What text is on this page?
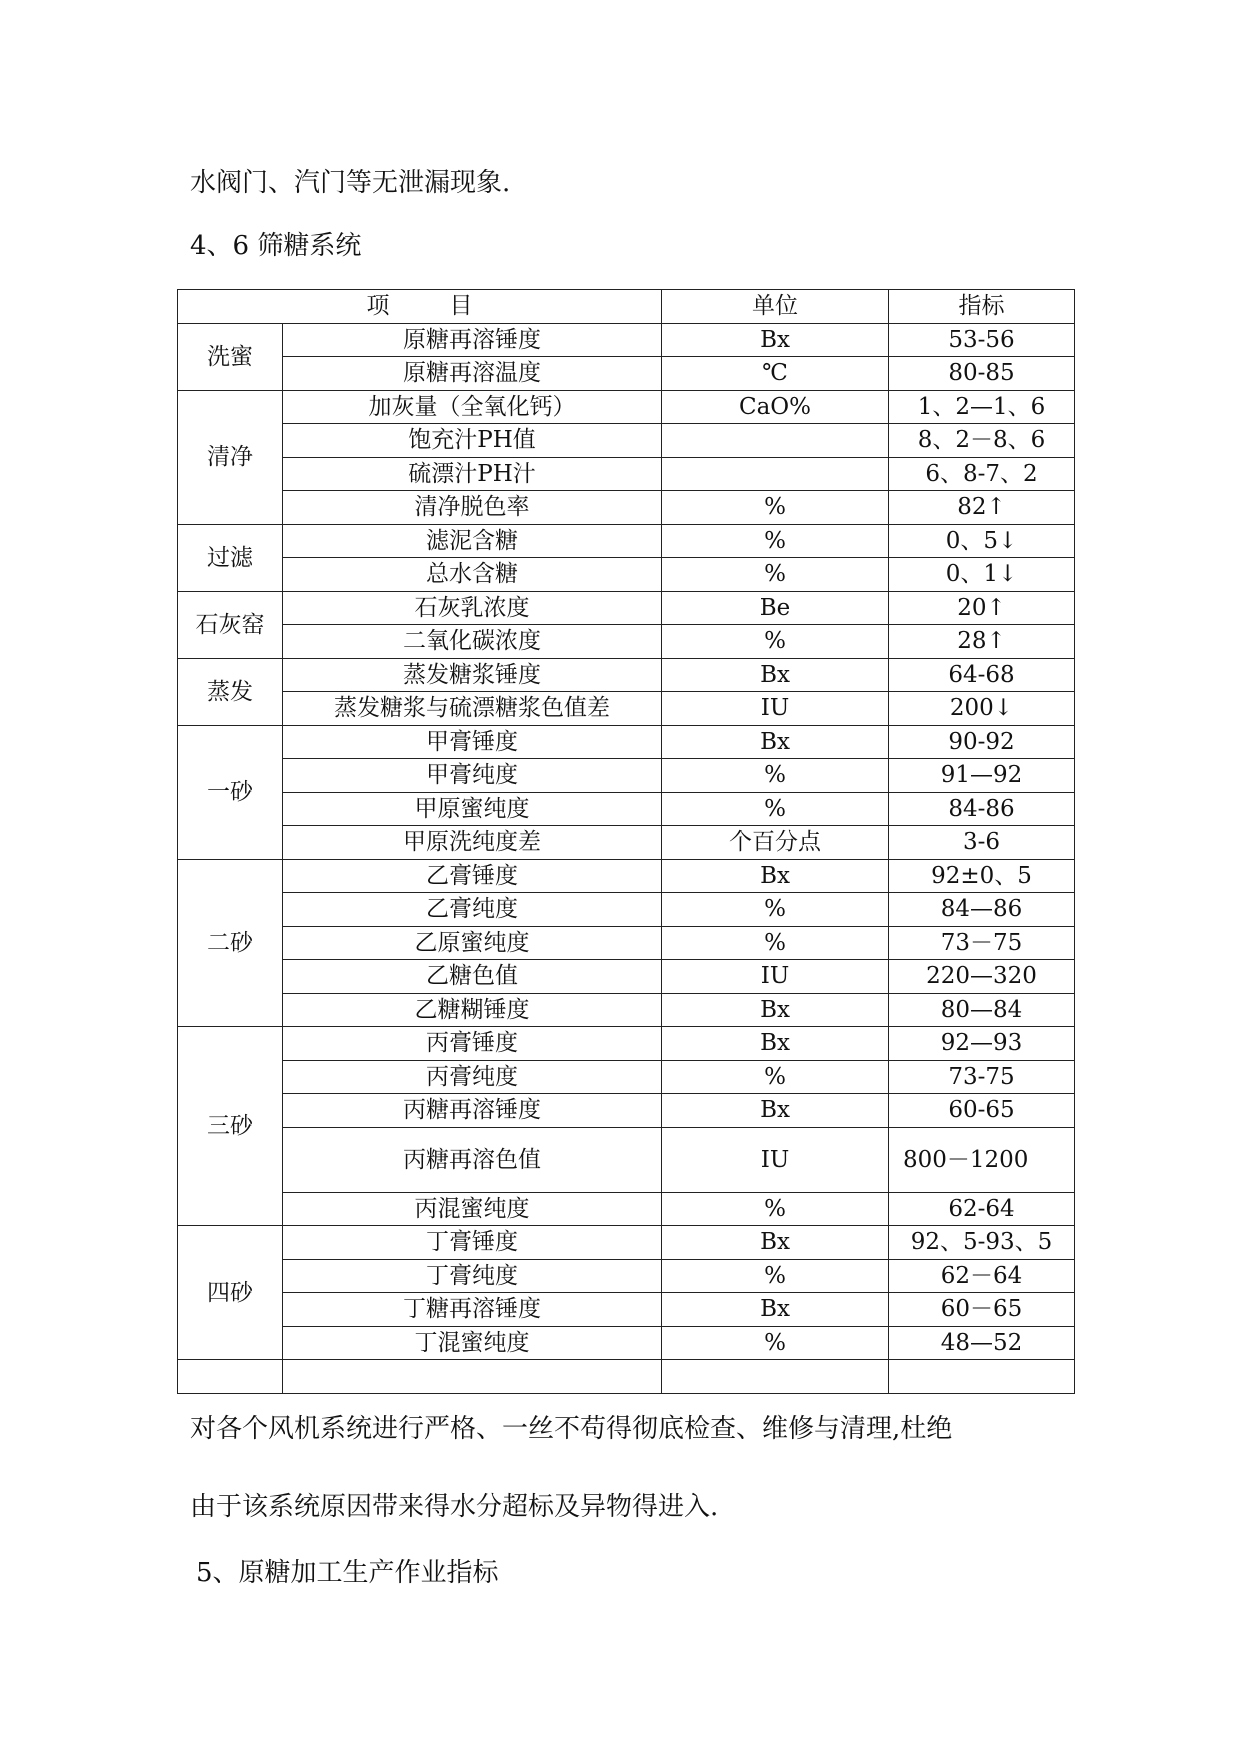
水阀门、汽门等无泄漏现象.
4、6 筛糖系统
项 目		单位	指标
洗蜜	原糖再溶锤度	Bx	53-56
	原糖再溶温度	℃	80-85
清净	加灰量（全氧化钙）	CaO%	1、2—1、6
	饱充汁PH值		8、2－8、6
	硫漂汁PH汁		6、8-7、2
	清净脱色率	%	82↑
过滤	滤泥含糖	%	0、5↓
	总水含糖	%	0、1↓
石灰窑	石灰乳浓度	Be	20↑
	二氧化碳浓度	%	28↑
蒸发	蒸发糖浆锤度	Bx	64-68
	蒸发糖浆与硫漂糖浆色值差	IU	200↓
一砂	甲膏锤度	Bx	90-92
	甲膏纯度	%	91—92
	甲原蜜纯度	%	84-86
	甲原洗纯度差	个百分点	3-6
二砂	乙膏锤度	Bx	92±0、5
	乙膏纯度	%	84—86
	乙原蜜纯度	%	73－75
	乙糖色值	IU	220—320
	乙糖糊锤度	Bx	80—84
三砂	丙膏锤度	Bx	92—93
	丙膏纯度	%	73-75
	丙糖再溶锤度	Bx	60-65
	丙糖再溶色值	IU	800－1200
	丙混蜜纯度	%	62-64
四砂	丁膏锤度	Bx	92、5-93、5
	丁膏纯度	%	62－64
	丁糖再溶锤度	Bx	60－65
	丁混蜜纯度	%	48—52

对各个风机系统进行严格、一丝不苟得彻底检查、维修与清理,杜绝
由于该系统原因带来得水分超标及异物得进入.
5、原糖加工生产作业指标
